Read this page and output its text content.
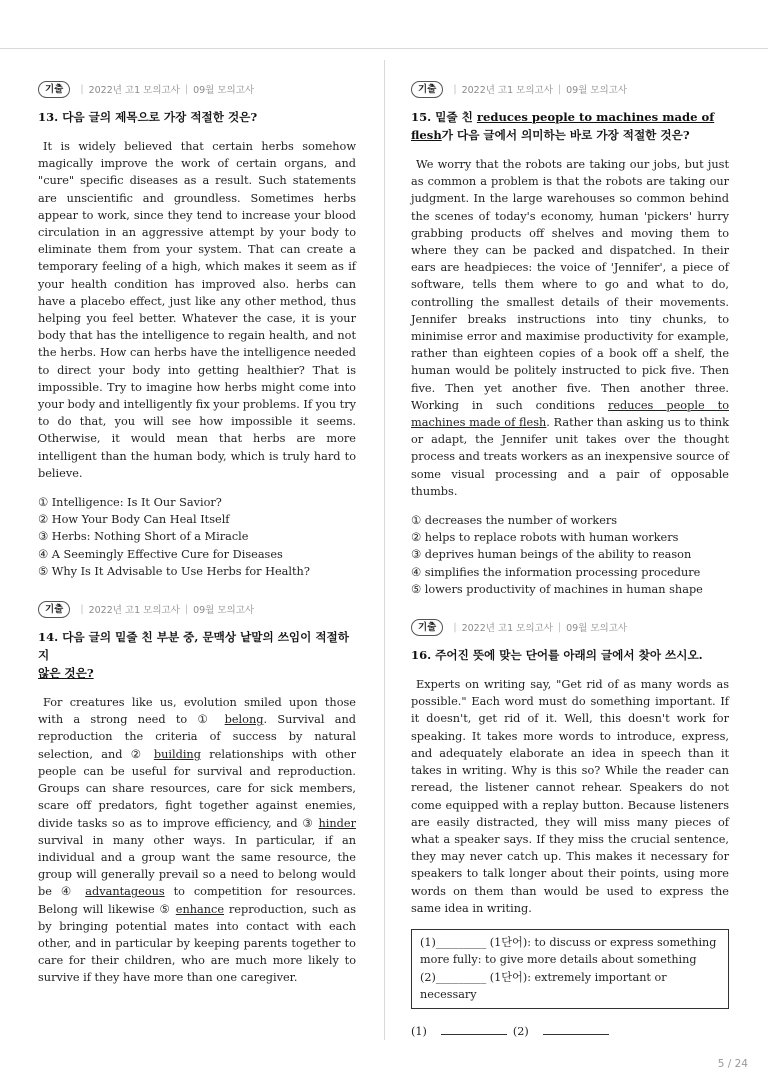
기출	| 2022년 고1 모의고사 | 09월 모의고사
13. 다음 글의 제목으로 가장 적절한 것은?

It is widely believed that certain herbs somehow magically improve the work of certain organs, and "cure" specific diseases as a result. Such statements are unscientific and groundless. Sometimes herbs appear to work, since they tend to increase your blood circulation in an aggressive attempt by your body to eliminate them from your system. That can create a temporary feeling of a high, which makes it seem as if your health condition has improved also. herbs can have a placebo effect, just like any other method, thus helping you feel better. Whatever the case, it is your body that has the intelligence to regain health, and not the herbs. How can herbs have the intelligence needed to direct your body into getting healthier? That is impossible. Try to imagine how herbs might come into your body and intelligently fix your problems. If you try to do that, you will see how impossible it seems. Otherwise, it would mean that herbs are more intelligent than the human body, which is truly hard to believe.

① Intelligence: Is It Our Savior?
② How Your Body Can Heal Itself
③ Herbs: Nothing Short of a Miracle
④ A Seemingly Effective Cure for Diseases
⑤ Why Is It Advisable to Use Herbs for Health?
기출	| 2022년 고1 모의고사 | 09월 모의고사
14. 다음 글의 밑줄 친 부분 중, 문맥상 낱말의 쓰임이 적절하지
않은 것은?

For creatures like us, evolution smiled upon those with a strong need to ① belong. Survival and reproduction the criteria of success by natural selection, and ② building relationships with other people can be useful for survival and reproduction. Groups can share resources, care for sick members, scare off predators, fight together against enemies, divide tasks so as to improve efficiency, and ③ hinder survival in many other ways. In particular, if an individual and a group want the same resource, the group will generally prevail so a need to belong would be ④ advantageous to competition for resources. Belong will likewise ⑤ enhance reproduction, such as by bringing potential mates into contact with each other, and in particular by keeping parents together to care for their children, who are much more likely to survive if they have more than one caregiver.

기출	| 2022년 고1 모의고사 | 09월 모의고사
15. 밑줄 친 reduces people to machines made of flesh가 다음 글에서 의미하는 바로 가장 적절한 것은?

We worry that the robots are taking our jobs, but just as common a problem is that the robots are taking our judgment. In the large warehouses so common behind the scenes of today's economy, human 'pickers' hurry grabbing products off shelves and moving them to where they can be packed and dispatched. In their ears are headpieces: the voice of 'Jennifer', a piece of software, tells them where to go and what to do, controlling the smallest details of their movements. Jennifer breaks instructions into tiny chunks, to minimise error and maximise productivity for example, rather than eighteen copies of a book off a shelf, the human would be politely instructed to pick five. Then five. Then yet another five. Then another three. Working in such conditions reduces people to machines made of flesh. Rather than asking us to think or adapt, the Jennifer unit takes over the thought process and treats workers as an inexpensive source of some visual processing and a pair of opposable thumbs.

① decreases the number of workers
② helps to replace robots with human workers
③ deprives human beings of the ability to reason
④ simplifies the information processing procedure
⑤ lowers productivity of machines in human shape
기출	| 2022년 고1 모의고사 | 09월 모의고사
16. 주어진 뜻에 맞는 단어를 아래의 글에서 찾아 쓰시오.

Experts on writing say, "Get rid of as many words as possible." Each word must do something important. If it doesn't, get rid of it. Well, this doesn't work for speaking. It takes more words to introduce, express, and adequately elaborate an idea in speech than it takes in writing. Why is this so? While the reader can reread, the listener cannot rehear. Speakers do not come equipped with a replay button. Because listeners are easily distracted, they will miss many pieces of what a speaker says. If they miss the crucial sentence, they may never catch up. This makes it necessary for speakers to talk longer about their points, using more words on them than would be used to express the same idea in writing.

(1)_________ (1단어): to discuss or express something
more fully: to give more details about something
(2)_________ (1단어): extremely important or necessary
(1)	(2)
5 / 24
